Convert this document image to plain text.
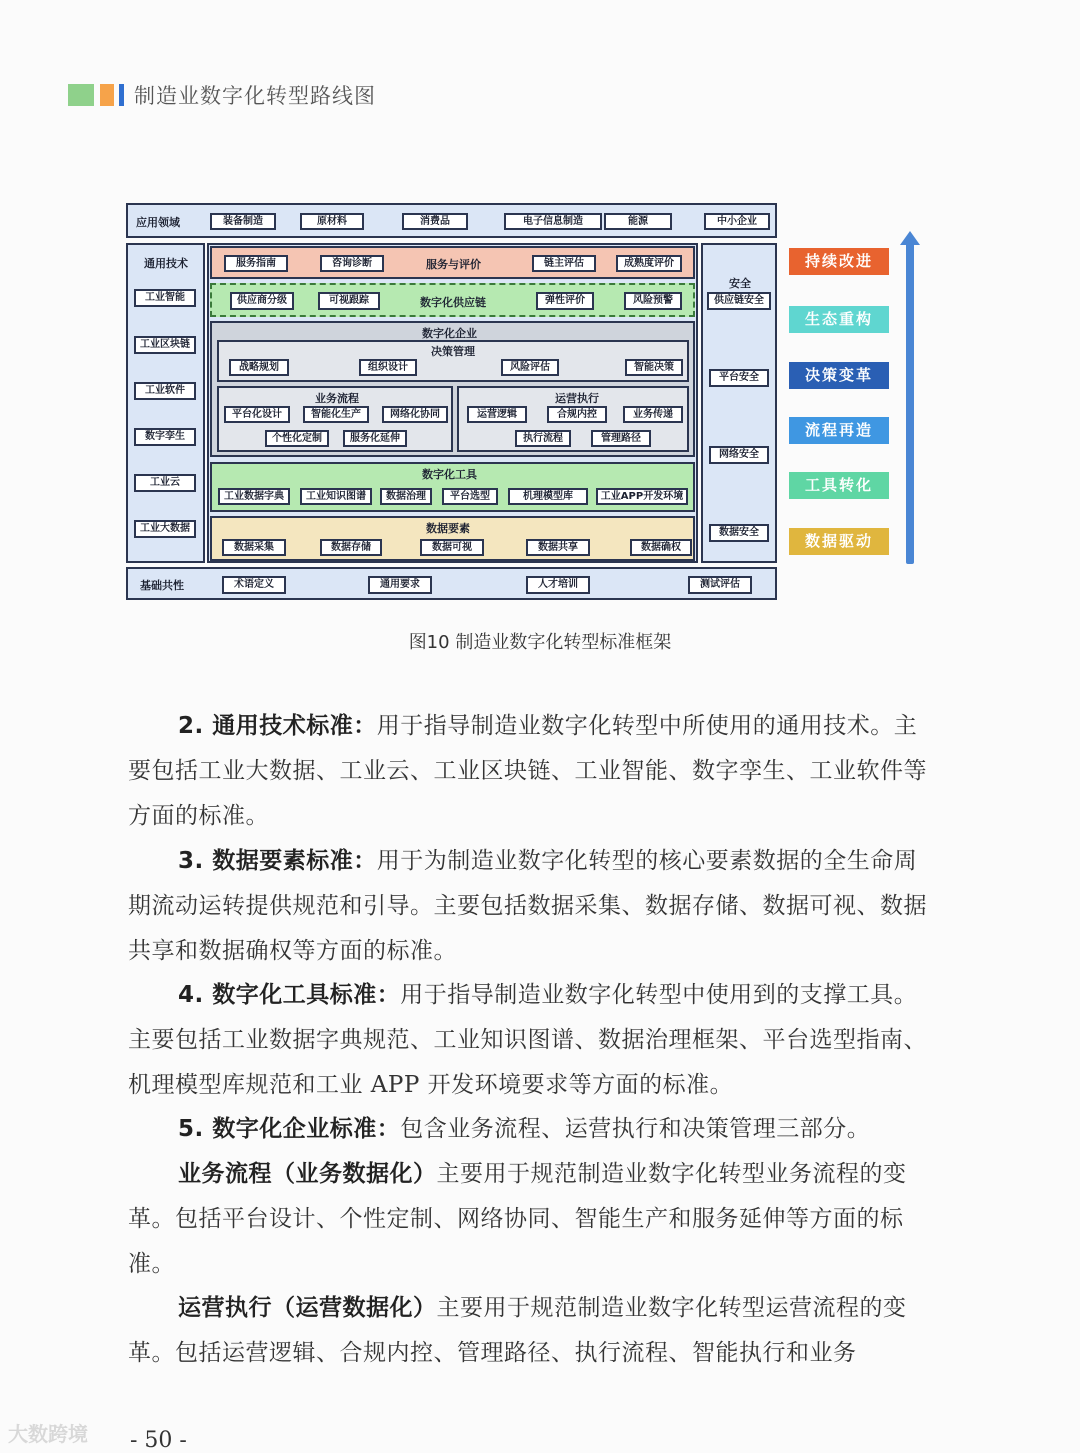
制造业数字化转型路线图
应用领域	装备制造	原材料	消费品	电子信息制造	能源	中小企业
通用技术
工业智能
工业区块链
工业软件
数字孪生
工业云
工业大数据
服务与评价
服务指南	咨询诊断	链主评估	成熟度评价
数字化供应链
供应商分级	可视跟踪	弹性评价	风险预警
数字化企业
决策管理
战略规划	组织设计	风险评估	智能决策
业务流程
平台化设计	智能化生产	网络化协同
个性化定制	服务化延伸
运营执行
运营逻辑	合规内控	业务传递
执行流程	管理路径
数字化工具
工业数据字典	工业知识图谱	数据治理	平台选型	机理模型库	工业APP开发环境
数据要素
数据采集	数据存储	数据可视	数据共享	数据确权
安全
供应链安全
平台安全
网络安全
数据安全
基础共性	术语定义	通用要求	人才培训	测试评估
持续改进
生态重构
决策变革
流程再造
工具转化
数据驱动
图10 制造业数字化转型标准框架

2. 通用技术标准：用于指导制造业数字化转型中所使用的通用技术。主要包括工业大数据、工业云、工业区块链、工业智能、数字孪生、工业软件等方面的标准。

3. 数据要素标准：用于为制造业数字化转型的核心要素数据的全生命周期流动运转提供规范和引导。主要包括数据采集、数据存储、数据可视、数据共享和数据确权等方面的标准。

4. 数字化工具标准：用于指导制造业数字化转型中使用到的支撑工具。主要包括工业数据字典规范、工业知识图谱、数据治理框架、平台选型指南、机理模型库规范和工业 APP 开发环境要求等方面的标准。

5. 数字化企业标准：包含业务流程、运营执行和决策管理三部分。

业务流程（业务数据化）主要用于规范制造业数字化转型业务流程的变革。包括平台设计、个性定制、网络协同、智能生产和服务延伸等方面的标准。

运营执行（运营数据化）主要用于规范制造业数字化转型运营流程的变革。包括运营逻辑、合规内控、管理路径、执行流程、智能执行和业务

大数跨境 - 50 -
